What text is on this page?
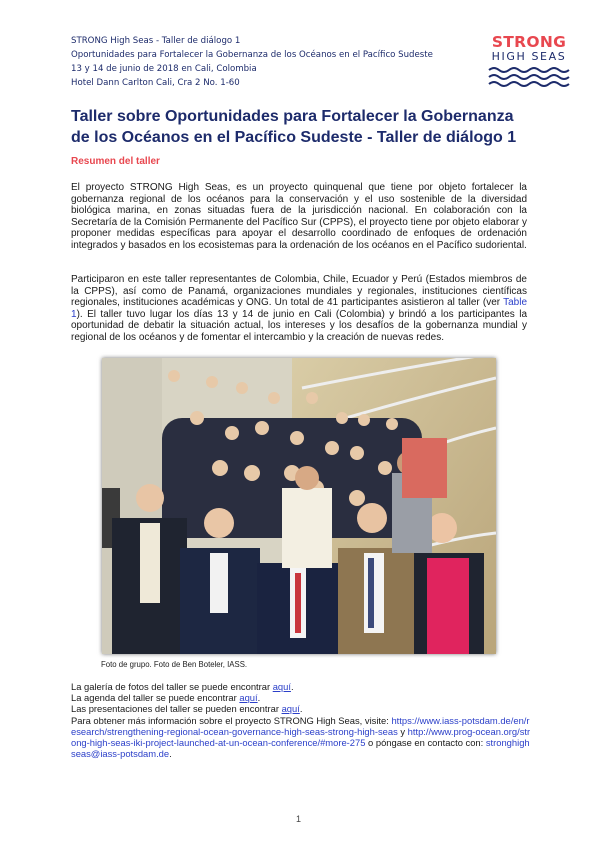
STRONG High Seas - Taller de diálogo 1
Oportunidades para Fortalecer la Gobernanza de los Océanos en el Pacífico Sudeste
13 y 14 de junio de 2018 en Cali, Colombia
Hotel Dann Carlton Cali, Cra 2 No. 1-60
STRONG
HIGH SEAS
Taller sobre Oportunidades para Fortalecer la Gobernanza de los Océanos en el Pacífico Sudeste - Taller de diálogo 1
Resumen del taller
El proyecto STRONG High Seas, es un proyecto quinquenal que tiene por objeto fortalecer la gobernanza regional de los océanos para la conservación y el uso sostenible de la diversidad biológica marina, en zonas situadas fuera de la jurisdicción nacional. En colaboración con la Secretaría de la Comisión Permanente del Pacífico Sur (CPPS), el proyecto tiene por objeto elaborar y proponer medidas específicas para apoyar el desarrollo coordinado de enfoques de ordenación integrados y basados en los ecosistemas para la ordenación de los océanos en el Pacífico sudoriental.
Participaron en este taller representantes de Colombia, Chile, Ecuador y Perú (Estados miembros de la CPPS), así como de Panamá, organizaciones mundiales y regionales, instituciones científicas regionales, instituciones académicas y ONG. Un total de 41 participantes asistieron al taller (ver Table 1). El taller tuvo lugar los días 13 y 14 de junio en Cali (Colombia) y brindó a los participantes la oportunidad de debatir la situación actual, los intereses y los desafíos de la gobernanza mundial y regional de los océanos y de fomentar el intercambio y la creación de nuevas redes.
Foto de grupo. Foto de Ben Boteler, IASS.
La galería de fotos del taller se puede encontrar aquí.
La agenda del taller se puede encontrar aquí.
Las presentaciones del taller se pueden encontrar aquí.
Para obtener más información sobre el proyecto STRONG High Seas, visite: https://www.iass-potsdam.de/en/research/strengthening-regional-ocean-governance-high-seas-strong-high-seas y http://www.prog-ocean.org/strong-high-seas-iki-project-launched-at-un-ocean-conference/#more-275 o póngase en contacto con: stronghighseas@iass-potsdam.de.
1
